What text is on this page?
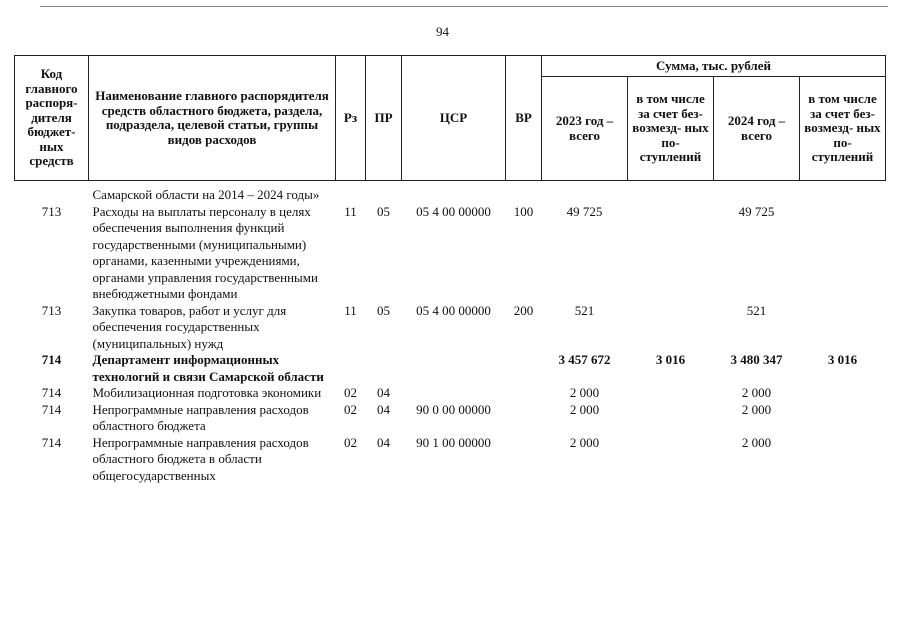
94
Код главного распоря- дителя бюджет- ных средств	Наименование главного распорядителя средств областного бюджета, раздела, подраздела, целевой статьи, группы видов расходов	Рз	ПР	ЦСР	ВР	Сумма, тыс. рублей			
						2023 год – всего	в том числе за счет без- возмезд- ных по- ступлений	2024 год – всего	в том числе за счет без- возмезд- ных по- ступлений

	Самарской области на 2014 – 2024 годы»								
713	Расходы на выплаты персоналу в целях обеспечения выполнения функций государственными (муниципальными) органами, казенными учреждениями, органами управления государственными внебюджетными фондами	11	05	05 4 00 00000	100	49 725		49 725	
713	Закупка товаров, работ и услуг для обеспечения государственных (муниципальных) нужд	11	05	05 4 00 00000	200	521		521	
714	Департамент информационных технологий и связи Самарской области					3 457 672	3 016	3 480 347	3 016
714	Мобилизационная подготовка экономики	02	04			2 000		2 000	
714	Непрограммные направления расходов областного бюджета	02	04	90 0 00 00000		2 000		2 000	
714	Непрограммные направления расходов областного бюджета в области общегосударственных	02	04	90 1 00 00000		2 000		2 000	
